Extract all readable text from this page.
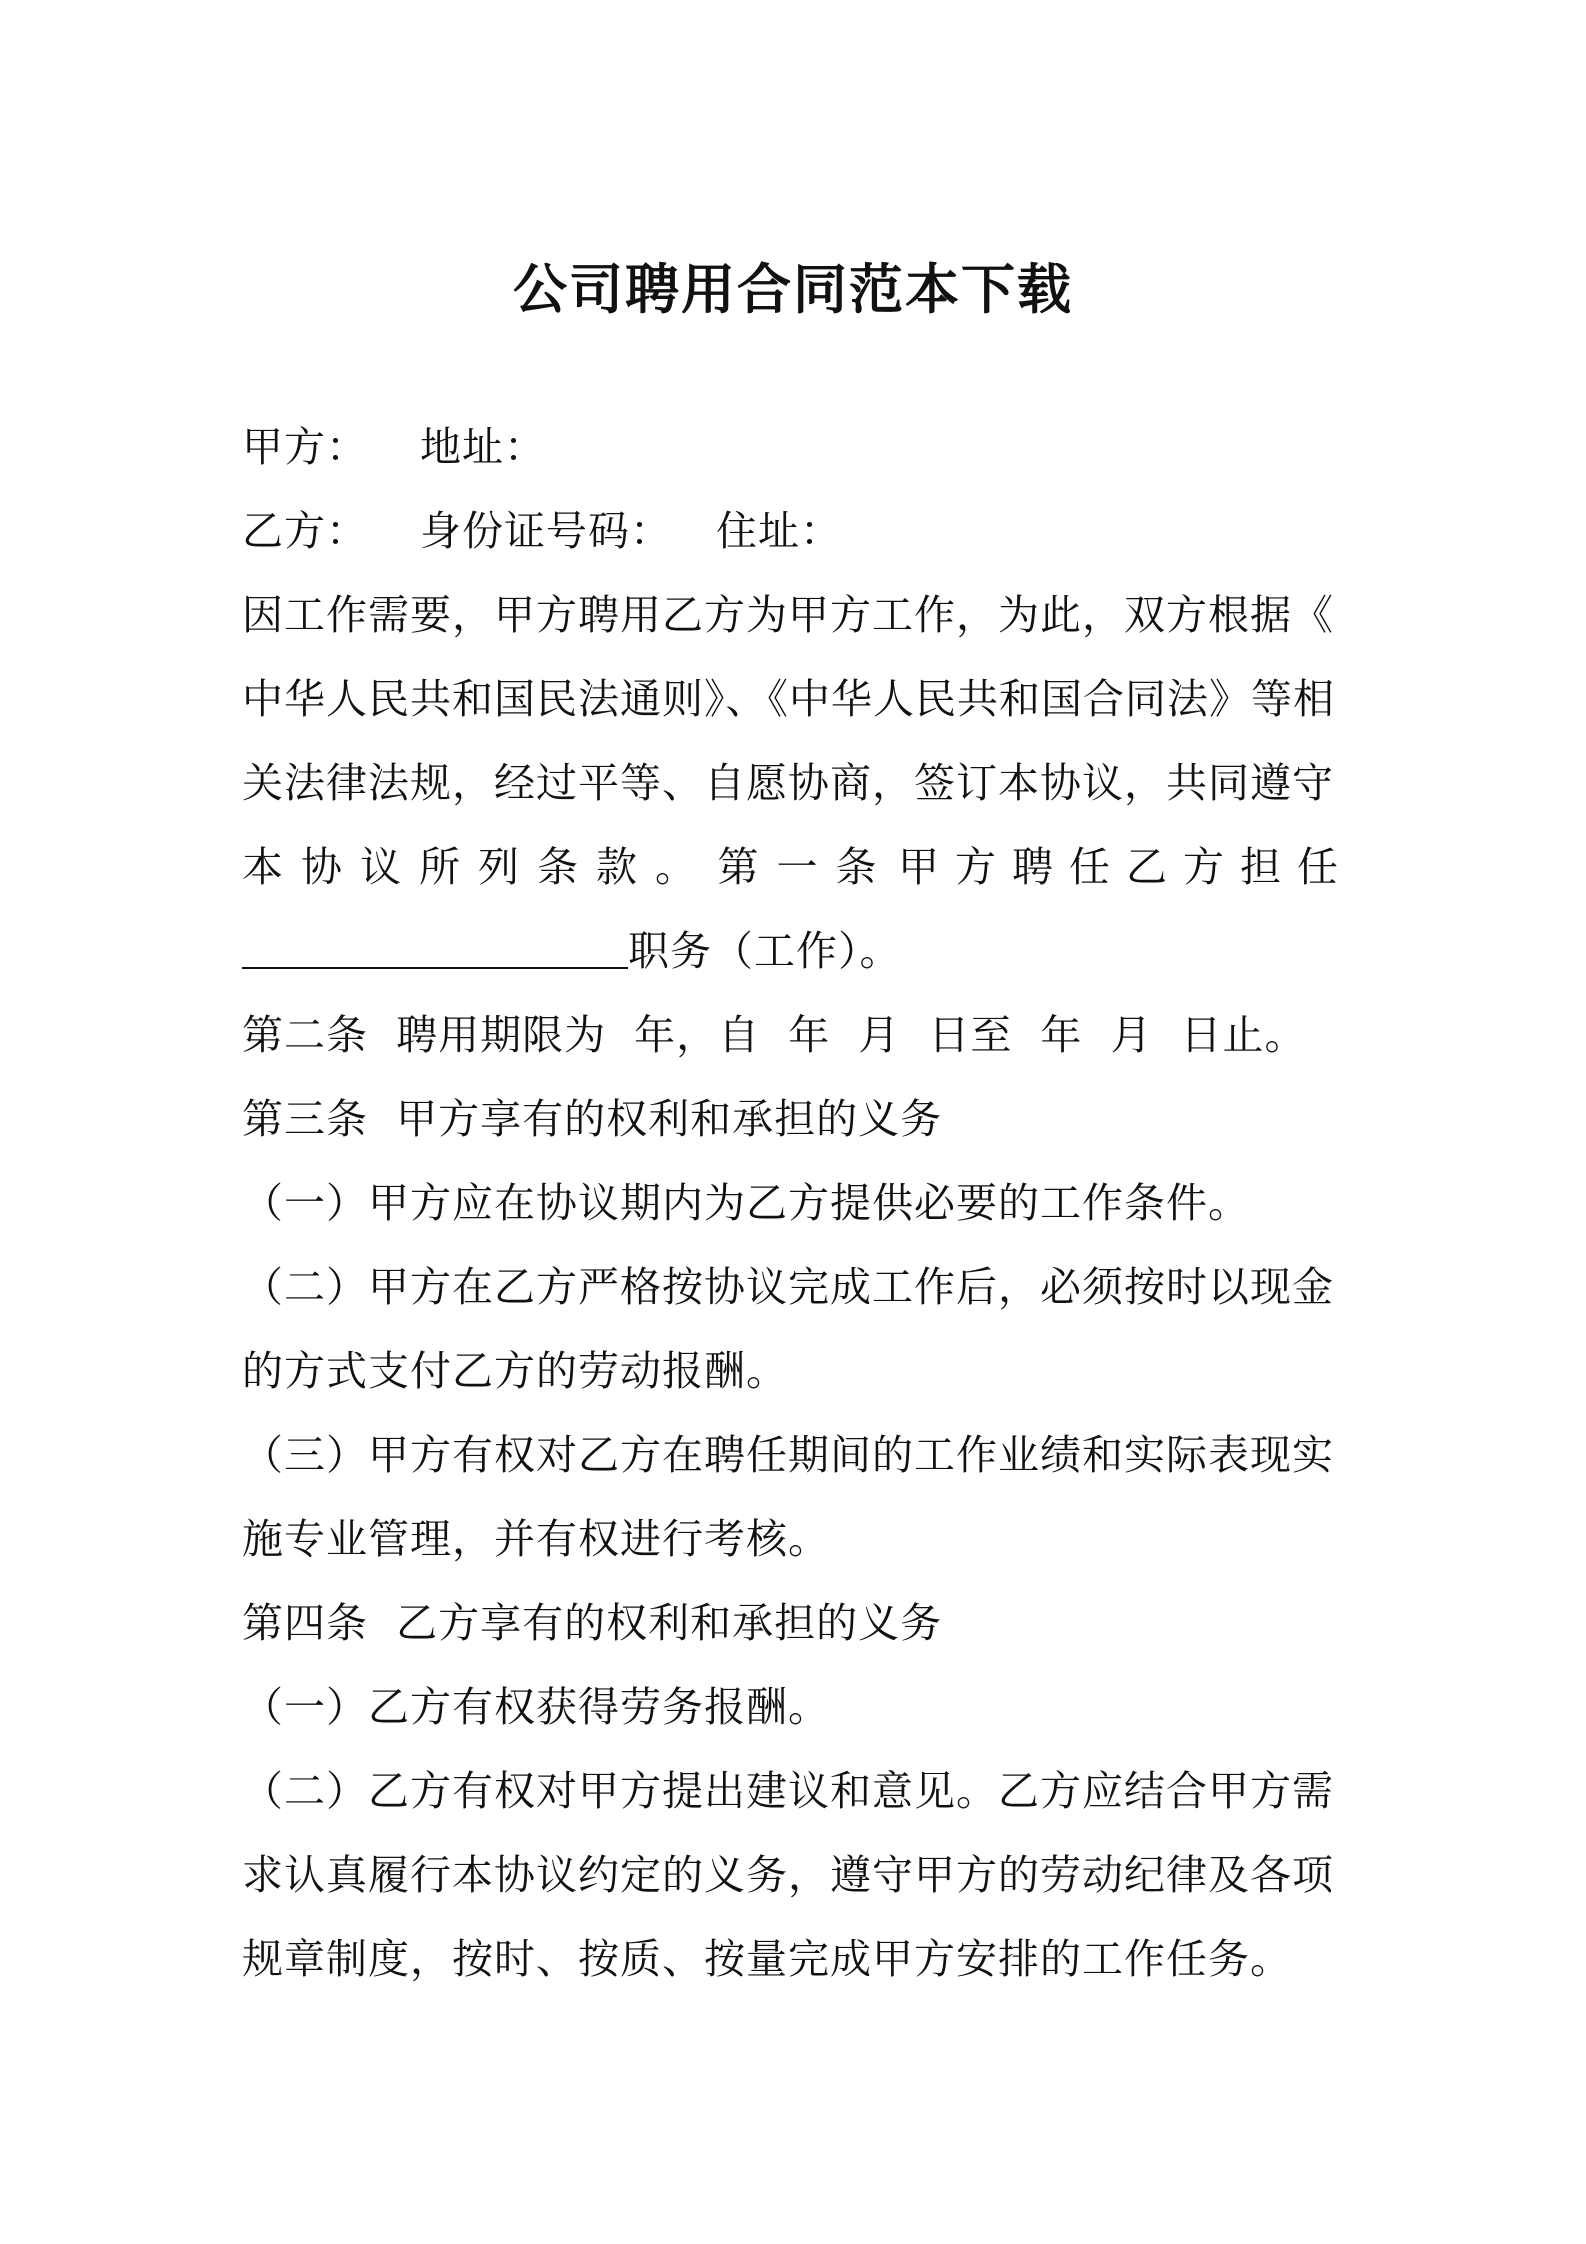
公司聘用合同范本下载
甲方： 地址：
乙方： 身份证号码： 住址：
因工作需要，甲方聘用乙方为甲方工作，为此，双方根据《
中华人民共和国民法通则》、《中华人民共和国合同法》等相
关法律法规，经过平等、自愿协商，签订本协议，共同遵守
本协议所列条款。 第一条 甲方聘任乙方担任
职务（工作）。
第二条  聘用期限为  年，自  年  月  日至  年  月  日止。
第三条  甲方享有的权利和承担的义务
（一）甲方应在协议期内为乙方提供必要的工作条件。
（二）甲方在乙方严格按协议完成工作后，必须按时以现金
的方式支付乙方的劳动报酬。
（三）甲方有权对乙方在聘任期间的工作业绩和实际表现实
施专业管理，并有权进行考核。
第四条  乙方享有的权利和承担的义务
（一）乙方有权获得劳务报酬。
（二）乙方有权对甲方提出建议和意见。乙方应结合甲方需
求认真履行本协议约定的义务，遵守甲方的劳动纪律及各项
规章制度，按时、按质、按量完成甲方安排的工作任务。
